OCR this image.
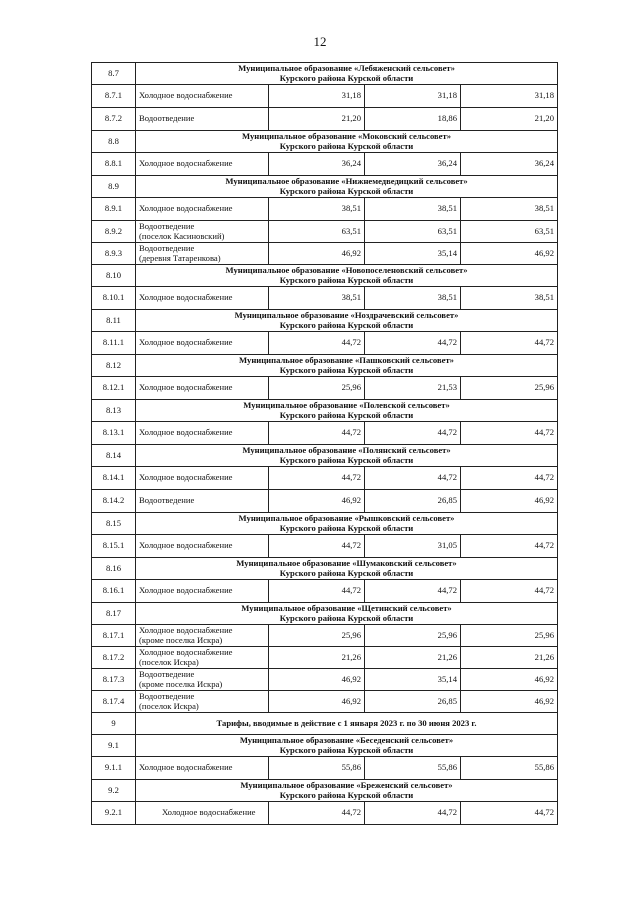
12
8.7	Муниципальное образование «Лебяженский сельсовет»
Курского района Курской области			

8.7.1	Холодное водоснабжение	31,18	31,18	31,18
8.7.2	Водоотведение	21,20	18,86	21,20
8.8	Муниципальное образование «Моковский сельсовет»
Курского района Курской области			

8.8.1	Холодное водоснабжение	36,24	36,24	36,24
8.9	Муниципальное образование «Нижнемедведицкий сельсовет»
Курского района Курской области			

8.9.1	Холодное водоснабжение	38,51	38,51	38,51
8.9.2	Водоотведение
(поселок Касиновский)	63,51	63,51	63,51
8.9.3	Водоотведение
(деревня Татаренкова)	46,92	35,14	46,92
8.10	Муниципальное образование «Новопоселеновский сельсовет»
Курского района Курской области			

8.10.1	Холодное водоснабжение	38,51	38,51	38,51
8.11	Муниципальное образование «Ноздрачевский сельсовет»
Курского района Курской области			

8.11.1	Холодное водоснабжение	44,72	44,72	44,72
8.12	Муниципальное образование «Пашковский сельсовет»
Курского района Курской области			

8.12.1	Холодное водоснабжение	25,96	21,53	25,96
8.13	Муниципальное образование «Полевской сельсовет»
Курского района Курской области			

8.13.1	Холодное водоснабжение	44,72	44,72	44,72
8.14	Муниципальное образование «Полянский сельсовет»
Курского района Курской области			

8.14.1	Холодное водоснабжение	44,72	44,72	44,72
8.14.2	Водоотведение	46,92	26,85	46,92
8.15	Муниципальное образование «Рышковский сельсовет»
Курского района Курской области			

8.15.1	Холодное водоснабжение	44,72	31,05	44,72
8.16	Муниципальное образование «Шумаковский сельсовет»
Курского района Курской области			

8.16.1	Холодное водоснабжение	44,72	44,72	44,72
8.17	Муниципальное образование «Щетинский сельсовет»
Курского района Курской области			

8.17.1	Холодное водоснабжение
(кроме поселка Искра)	25,96	25,96	25,96
8.17.2	Холодное водоснабжение
(поселок Искра)	21,26	21,26	21,26
8.17.3	Водоотведение
(кроме поселка Искра)	46,92	35,14	46,92
8.17.4	Водоотведение
(поселок Искра)	46,92	26,85	46,92
9	Тарифы, вводимые в действие с 1 января 2023 г. по 30 июня 2023 г.			
9.1	Муниципальное образование «Беседенский сельсовет»
Курского района Курской области			

9.1.1	Холодное водоснабжение	55,86	55,86	55,86
9.2	Муниципальное образование «Бреженский сельсовет»
Курского района Курской области			

9.2.1	Холодное водоснабжение	44,72	44,72	44,72
